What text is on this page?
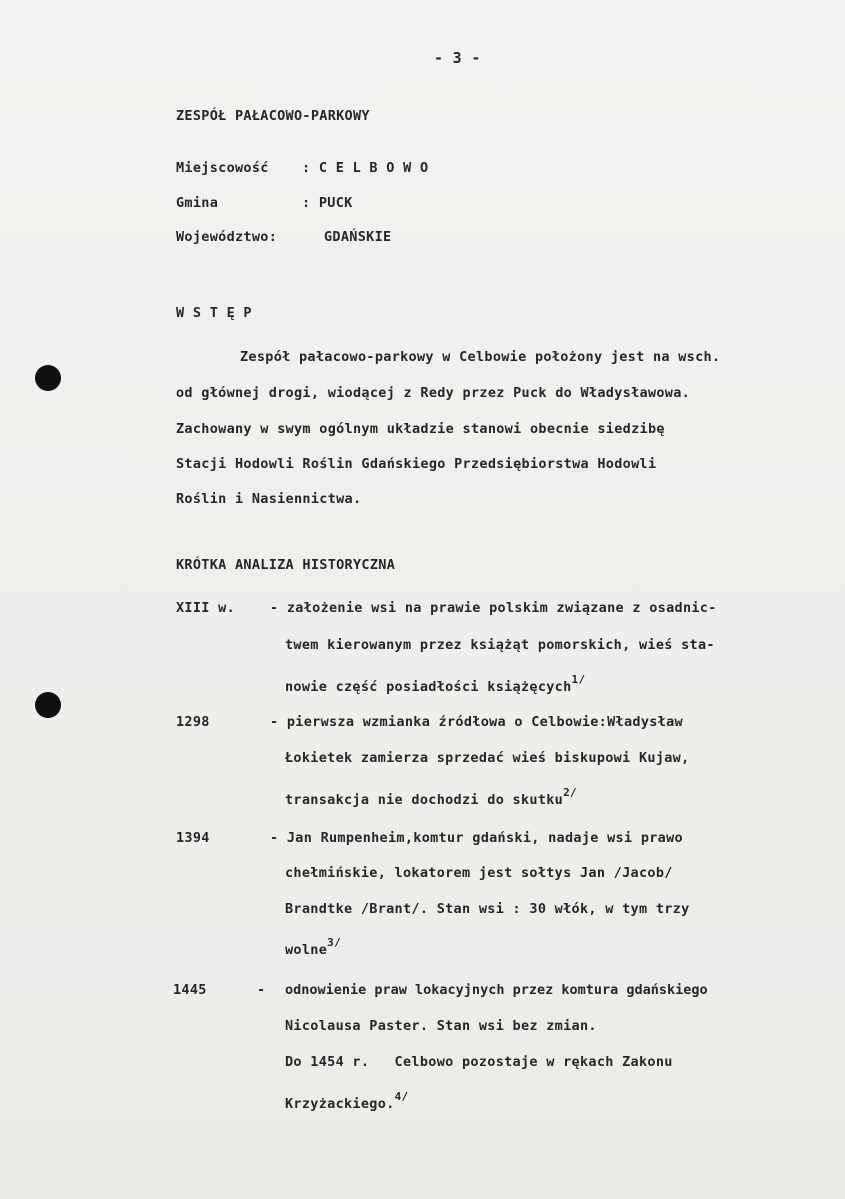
- 3 -
ZESPÓŁ PAŁACOWO-PARKOWY
Miejscowość : C E L B O W O
Gmina	: PUCK
Województwo:	GDAŃSKIE
W S T Ę P
Zespół pałacowo-parkowy w Celbowie położony jest na wsch.
od głównej drogi, wiodącej z Redy przez Puck do Władysławowa.
Zachowany w swym ogólnym układzie stanowi obecnie siedzibę
Stacji Hodowli Roślin Gdańskiego Przedsiębiorstwa Hodowli
Roślin i Nasiennictwa.
KRÓTKA ANALIZA HISTORYCZNA
XIII w.	- założenie wsi na prawie polskim związane z osadnic-
twem kierowanym przez książąt pomorskich, wieś sta-
nowie część posiadłości książęcych$^{1/}$
1298	- pierwsza wzmianka źródłowa o Celbowie:Władysław
Łokietek zamierza sprzedać wieś biskupowi Kujaw,
transakcja nie dochodzi do skutku$^{2/}$
1394	- Jan Rumpenheim,komtur gdański, nadaje wsi prawo
chełmińskie, lokatorem jest sołtys Jan /Jacob/
Brandtke /Brant/. Stan wsi : 30 włók, w tym trzy
wolne$^{3/}$
1445	- odnowienie praw lokacyjnych przez komtura gdańskiego
Nicolausa Paster. Stan wsi bez zmian.
Do 1454 r.   Celbowo pozostaje w rękach Zakonu
Krzyżackiego.$^{4/}$
